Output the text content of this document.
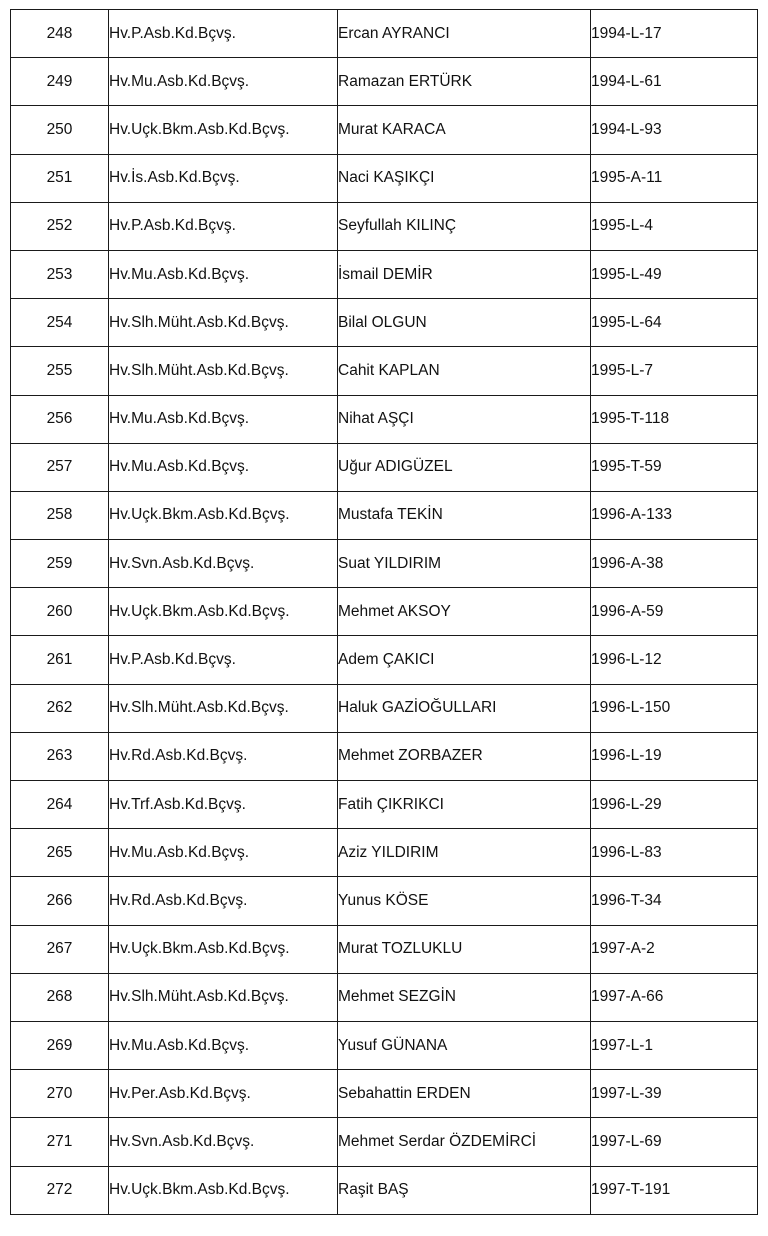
248	Hv.P.Asb.Kd.Bçvş.	Ercan AYRANCI	1994-L-17
249	Hv.Mu.Asb.Kd.Bçvş.	Ramazan ERTÜRK	1994-L-61
250	Hv.Uçk.Bkm.Asb.Kd.Bçvş.	Murat KARACA	1994-L-93
251	Hv.İs.Asb.Kd.Bçvş.	Naci KAŞIKÇI	1995-A-11
252	Hv.P.Asb.Kd.Bçvş.	Seyfullah KILINÇ	1995-L-4
253	Hv.Mu.Asb.Kd.Bçvş.	İsmail DEMİR	1995-L-49
254	Hv.Slh.Müht.Asb.Kd.Bçvş.	Bilal OLGUN	1995-L-64
255	Hv.Slh.Müht.Asb.Kd.Bçvş.	Cahit KAPLAN	1995-L-7
256	Hv.Mu.Asb.Kd.Bçvş.	Nihat AŞÇI	1995-T-118
257	Hv.Mu.Asb.Kd.Bçvş.	Uğur ADIGÜZEL	1995-T-59
258	Hv.Uçk.Bkm.Asb.Kd.Bçvş.	Mustafa TEKİN	1996-A-133
259	Hv.Svn.Asb.Kd.Bçvş.	Suat YILDIRIM	1996-A-38
260	Hv.Uçk.Bkm.Asb.Kd.Bçvş.	Mehmet AKSOY	1996-A-59
261	Hv.P.Asb.Kd.Bçvş.	Adem ÇAKICI	1996-L-12
262	Hv.Slh.Müht.Asb.Kd.Bçvş.	Haluk GAZİOĞULLARI	1996-L-150
263	Hv.Rd.Asb.Kd.Bçvş.	Mehmet ZORBAZER	1996-L-19
264	Hv.Trf.Asb.Kd.Bçvş.	Fatih ÇIKRIKCI	1996-L-29
265	Hv.Mu.Asb.Kd.Bçvş.	Aziz YILDIRIM	1996-L-83
266	Hv.Rd.Asb.Kd.Bçvş.	Yunus KÖSE	1996-T-34
267	Hv.Uçk.Bkm.Asb.Kd.Bçvş.	Murat TOZLUKLU	1997-A-2
268	Hv.Slh.Müht.Asb.Kd.Bçvş.	Mehmet SEZGİN	1997-A-66
269	Hv.Mu.Asb.Kd.Bçvş.	Yusuf GÜNANA	1997-L-1
270	Hv.Per.Asb.Kd.Bçvş.	Sebahattin ERDEN	1997-L-39
271	Hv.Svn.Asb.Kd.Bçvş.	Mehmet Serdar ÖZDEMİRCİ	1997-L-69
272	Hv.Uçk.Bkm.Asb.Kd.Bçvş.	Raşit BAŞ	1997-T-191
